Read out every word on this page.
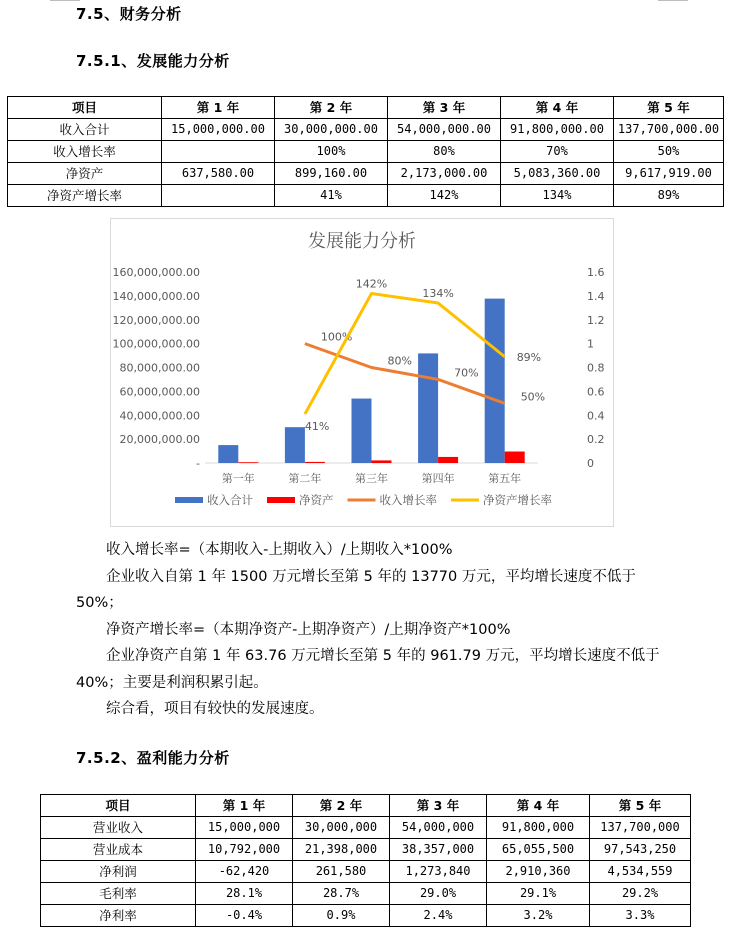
7.5、财务分析
7.5.1、发展能力分析
项目	第 1 年	第 2 年	第 3 年	第 4 年	第 5 年
收入合计	15,000,000.00	30,000,000.00	54,000,000.00	91,800,000.00	137,700,000.00
收入增长率		100%	80%	70%	50%
净资产	637,580.00	899,160.00	2,173,000.00	5,083,360.00	9,617,919.00
净资产增长率		41%	142%	134%	89%
发展能力分析
-
20,000,000.00
40,000,000.00
60,000,000.00
80,000,000.00
100,000,000.00
120,000,000.00
140,000,000.00
160,000,000.00
0
0.2
0.4
0.6
0.8
1
1.2
1.4
1.6
第一年	第二年	第三年	第四年	第五年
100%
80%
70%
50%
41%
142%
134%
89%
收入合计	净资产	收入增长率	净资产增长率

收入增长率=（本期收入-上期收入）/上期收入*100%

企业收入自第 1 年 1500 万元增长至第 5 年的 13770 万元，平均增长速度不低于 50%；

净资产增长率=（本期净资产-上期净资产）/上期净资产*100%

企业净资产自第 1 年 63.76 万元增长至第 5 年的 961.79 万元，平均增长速度不低于 40%；主要是利润积累引起。

综合看，项目有较快的发展速度。

7.5.2、盈利能力分析
项目	第 1 年	第 2 年	第 3 年	第 4 年	第 5 年
营业收入	15,000,000	30,000,000	54,000,000	91,800,000	137,700,000
营业成本	10,792,000	21,398,000	38,357,000	65,055,500	97,543,250
净利润	-62,420	261,580	1,273,840	2,910,360	4,534,559
毛利率	28.1%	28.7%	29.0%	29.1%	29.2%
净利率	-0.4%	0.9%	2.4%	3.2%	3.3%
